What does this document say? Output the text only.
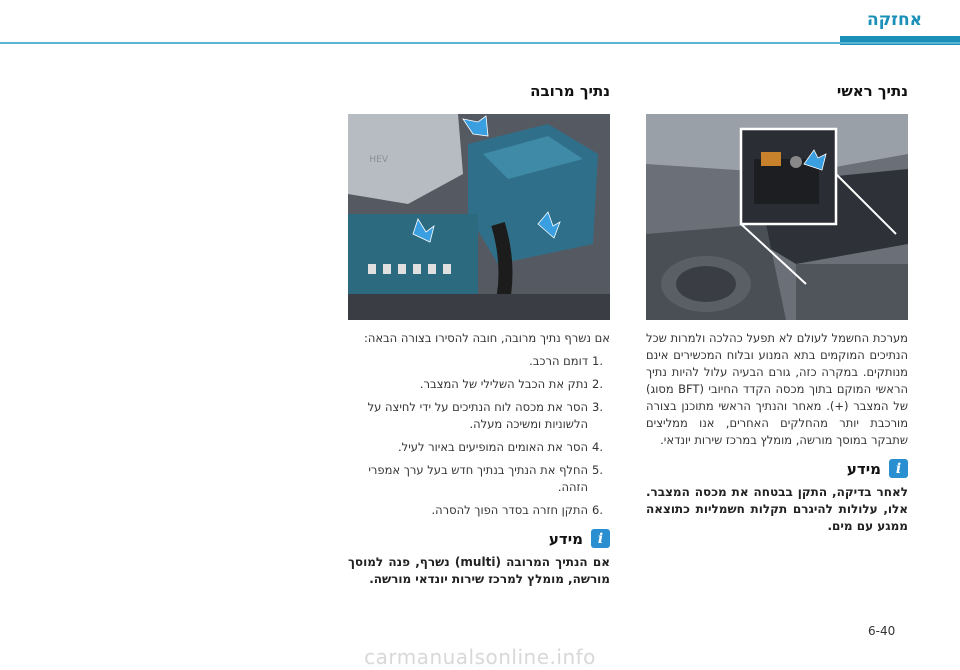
אחזקה
נתיך ראשי

מערכת החשמל לעולם לא תפעל כהלכה ולמרות שכל הנתיכים המוקמים בתא המנוע ובלוח המכשירים אינם מנותקים. במקרה כזה, גורם הבעיה עלול להיות נתיך הראשי המוקם בתוך מכסה הקדד החיובי (BFT מסוג) של המצבר (+). מאחר והנתיך הראשי מתוכנן בצורה מורכבת יותר מהחלקים האחרים, אנו ממליצים שתבקר במוסך מורשה, מומלץ במרכז שירות יונדאי.

i
מידע

לאחר בדיקה, התקן בבטחה את מכסה המצבר. אלו, עלולות להיגרם תקלות חשמליות כתוצאה ממגע עם מים.

נתיך מרובה
HEV

אם נשרף נתיך מרובה, חובה להסירו בצורה הבאה:

1.
דומם הרכב.
2.
נתק את הכבל השלילי של המצבר.
3.
הסר את מכסה לוח הנתיכים על ידי לחיצה על הלשוניות ומשיכה מעלה.
4.
הסר את האומים המופיעים באיור לעיל.
5.
החלף את הנתיך בנתיך חדש בעל ערך אמפרי הזהה.
6.
התקן חזרה בסדר הפוך להסרה.
i
מידע

אם הנתיך המרובה (multi) נשרף, פנה למוסך מורשה, מומלץ למרכז שירות יונדאי מורשה.

6-40
carmanualsonline.info
